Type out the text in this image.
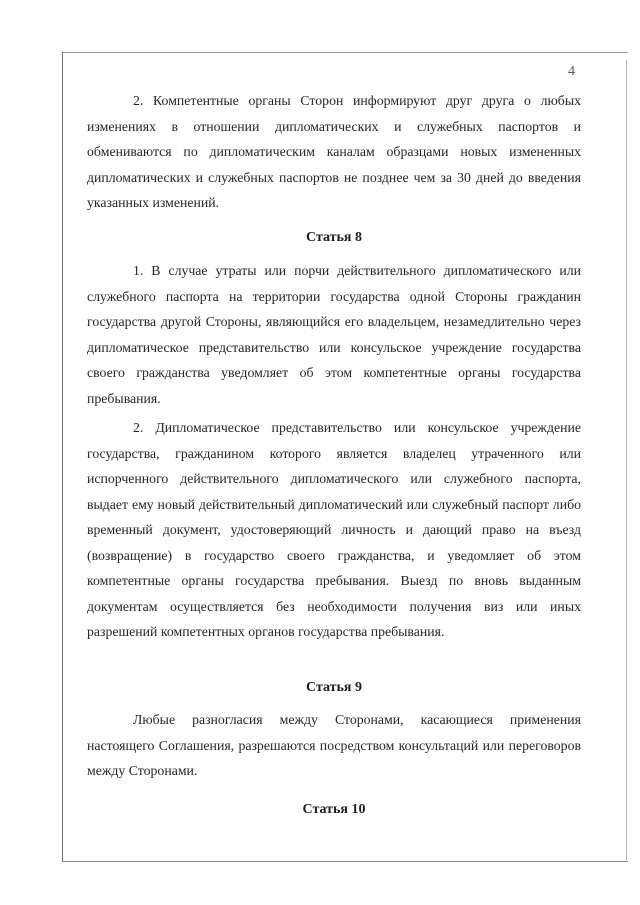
4

2. Компетентные органы Сторон информируют друг друга о любых изменениях в отношении дипломатических и служебных паспортов и обмениваются по дипломатическим каналам образцами новых измененных дипломатических и служебных паспортов не позднее чем за 30 дней до введения указанных изменений.

Статья 8

1. В случае утраты или порчи действительного дипломатического или служебного паспорта на территории государства одной Стороны гражданин государства другой Стороны, являющийся его владельцем, незамедлительно через дипломатическое представительство или консульское учреждение государства своего гражданства уведомляет об этом компетентные органы государства пребывания.

2. Дипломатическое представительство или консульское учреждение государства, гражданином которого является владелец утраченного или испорченного действительного дипломатического или служебного паспорта, выдает ему новый действительный дипломатический или служебный паспорт либо временный документ, удостоверяющий личность и дающий право на въезд (возвращение) в государство своего гражданства, и уведомляет об этом компетентные органы государства пребывания. Выезд по вновь выданным документам осуществляется без необходимости получения виз или иных разрешений компетентных органов государства пребывания.

Статья 9

Любые разногласия между Сторонами, касающиеся применения настоящего Соглашения, разрешаются посредством консультаций или переговоров между Сторонами.

Статья 10
